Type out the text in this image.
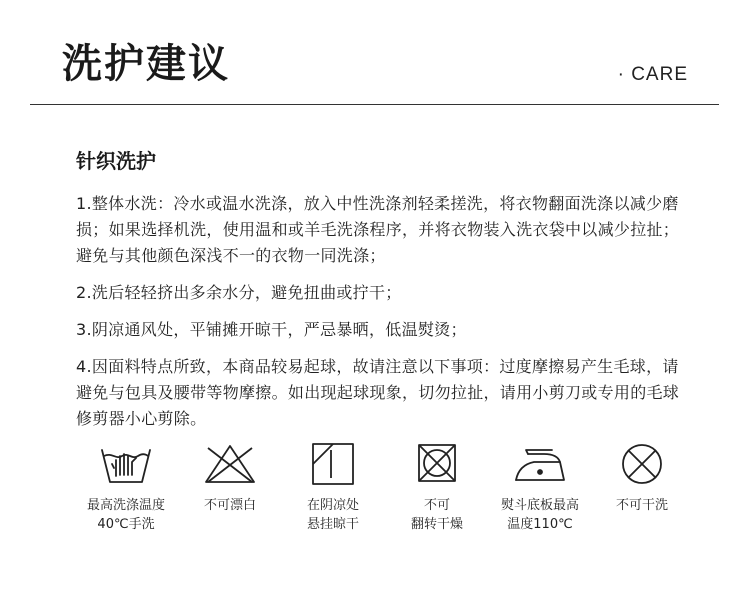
洗护建议	· CARE
针织洗护
1.整体水洗：冷水或温水洗涤，放入中性洗涤剂轻柔搓洗，将衣物翻面洗涤以减少磨损；如果选择机洗，使用温和或羊毛洗涤程序，并将衣物装入洗衣袋中以减少拉扯；避免与其他颜色深浅不一的衣物一同洗涤；
2.洗后轻轻挤出多余水分，避免扭曲或拧干；
3.阴凉通风处，平铺摊开晾干，严忌暴晒，低温熨烫；
4.因面料特点所致，本商品较易起球，故请注意以下事项：过度摩擦易产生毛球，请避免与包具及腰带等物摩擦。如出现起球现象，切勿拉扯，请用小剪刀或专用的毛球修剪器小心剪除。
最高洗涤温度
40℃手洗
不可漂白	在阴凉处
悬挂晾干
不可
翻转干燥
熨斗底板最高
温度110℃
不可干洗
